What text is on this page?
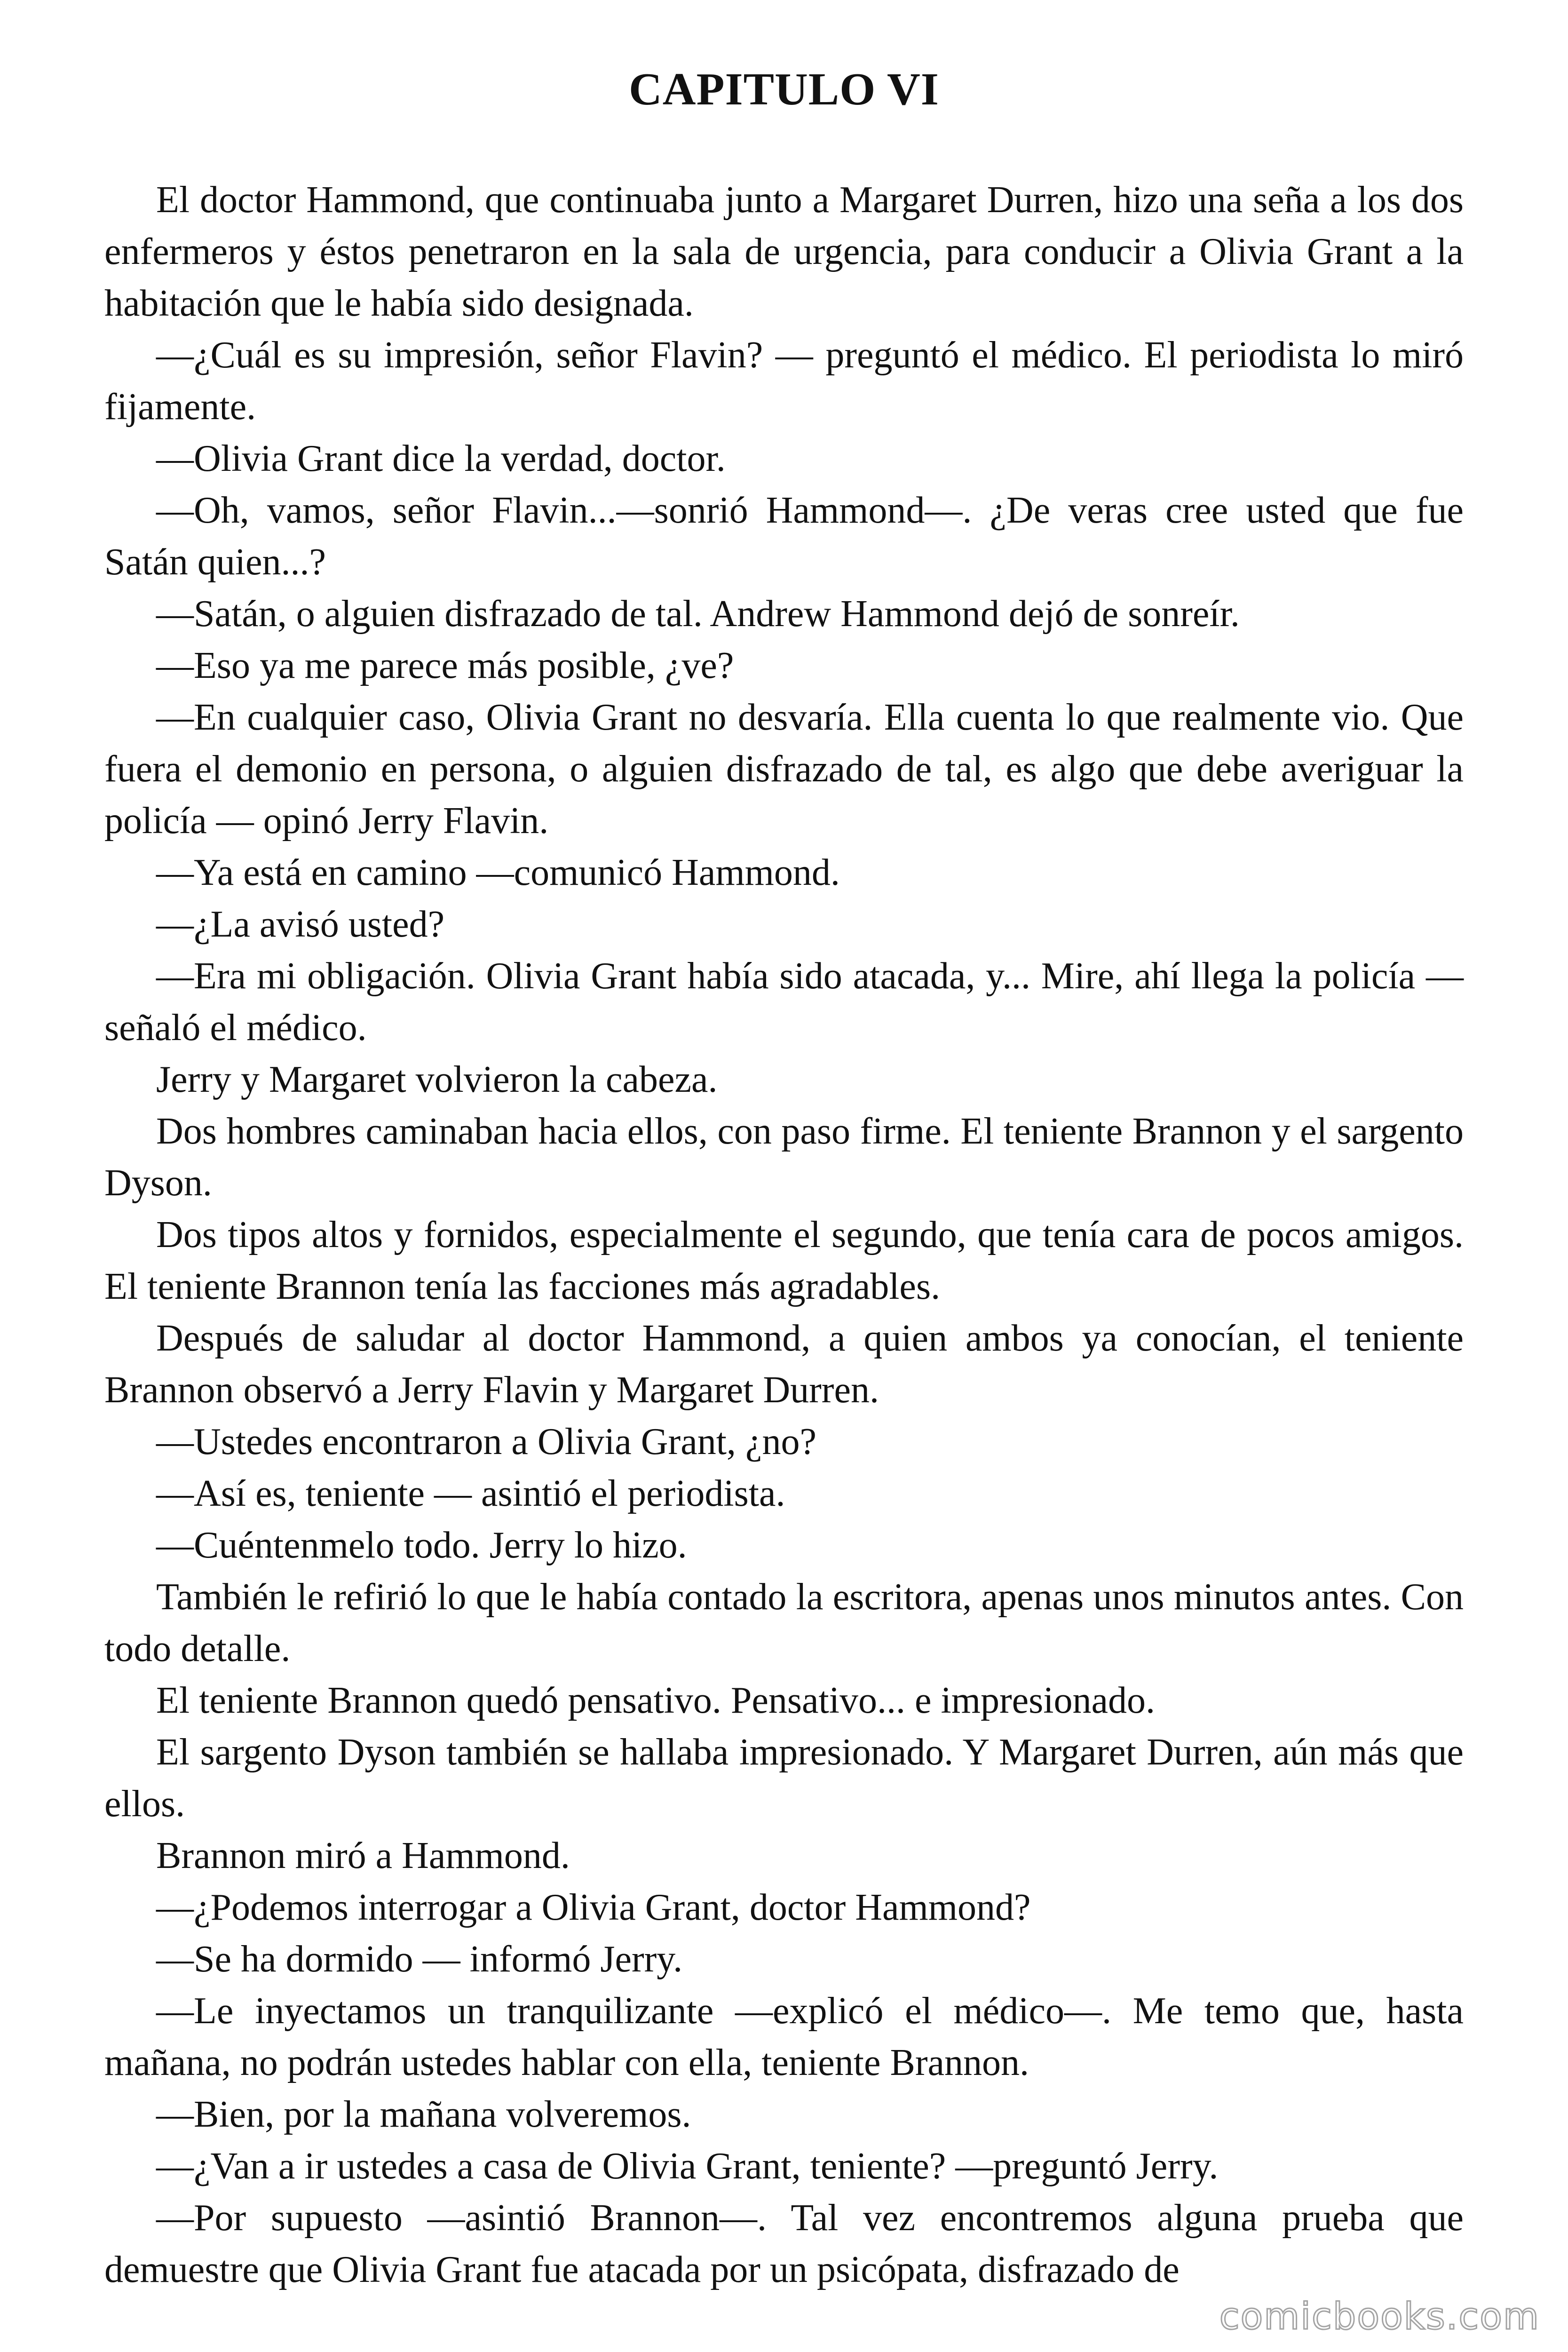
CAPITULO VI

El doctor Hammond, que continuaba junto a Margaret Durren, hizo una seña a los dos enfermeros y éstos penetraron en la sala de urgencia, para conducir a Olivia Grant a la habitación que le había sido designada.

—¿Cuál es su impresión, señor Flavin? — preguntó el médico. El periodista lo miró fijamente.

—Olivia Grant dice la verdad, doctor.

—Oh, vamos, señor Flavin...—sonrió Hammond—. ¿De veras cree usted que fue Satán quien...?

—Satán, o alguien disfrazado de tal. Andrew Hammond dejó de sonreír.

—Eso ya me parece más posible, ¿ve?

—En cualquier caso, Olivia Grant no desvaría. Ella cuenta lo que realmente vio. Que fuera el demonio en persona, o alguien disfrazado de tal, es algo que debe averiguar la policía — opinó Jerry Flavin.

—Ya está en camino —comunicó Hammond.

—¿La avisó usted?

—Era mi obligación. Olivia Grant había sido atacada, y... Mire, ahí llega la policía — señaló el médico.

Jerry y Margaret volvieron la cabeza.

Dos hombres caminaban hacia ellos, con paso firme. El teniente Brannon y el sargento Dyson.

Dos tipos altos y fornidos, especialmente el segundo, que tenía cara de pocos amigos. El teniente Brannon tenía las facciones más agradables.

Después de saludar al doctor Hammond, a quien ambos ya conocían, el teniente Brannon observó a Jerry Flavin y Margaret Durren.

—Ustedes encontraron a Olivia Grant, ¿no?

—Así es, teniente — asintió el periodista.

—Cuéntenmelo todo. Jerry lo hizo.

También le refirió lo que le había contado la escritora, apenas unos minutos antes. Con todo detalle.

El teniente Brannon quedó pensativo. Pensativo... e impresionado.

El sargento Dyson también se hallaba impresionado. Y Margaret Durren, aún más que ellos.

Brannon miró a Hammond.

—¿Podemos interrogar a Olivia Grant, doctor Hammond?

—Se ha dormido — informó Jerry.

—Le inyectamos un tranquilizante —explicó el médico—. Me temo que, hasta mañana, no podrán ustedes hablar con ella, teniente Brannon.

—Bien, por la mañana volveremos.

—¿Van a ir ustedes a casa de Olivia Grant, teniente? —preguntó Jerry.

—Por supuesto —asintió Brannon—. Tal vez encontremos alguna prueba que demuestre que Olivia Grant fue atacada por un psicópata, disfrazado de

comicbooks.com
